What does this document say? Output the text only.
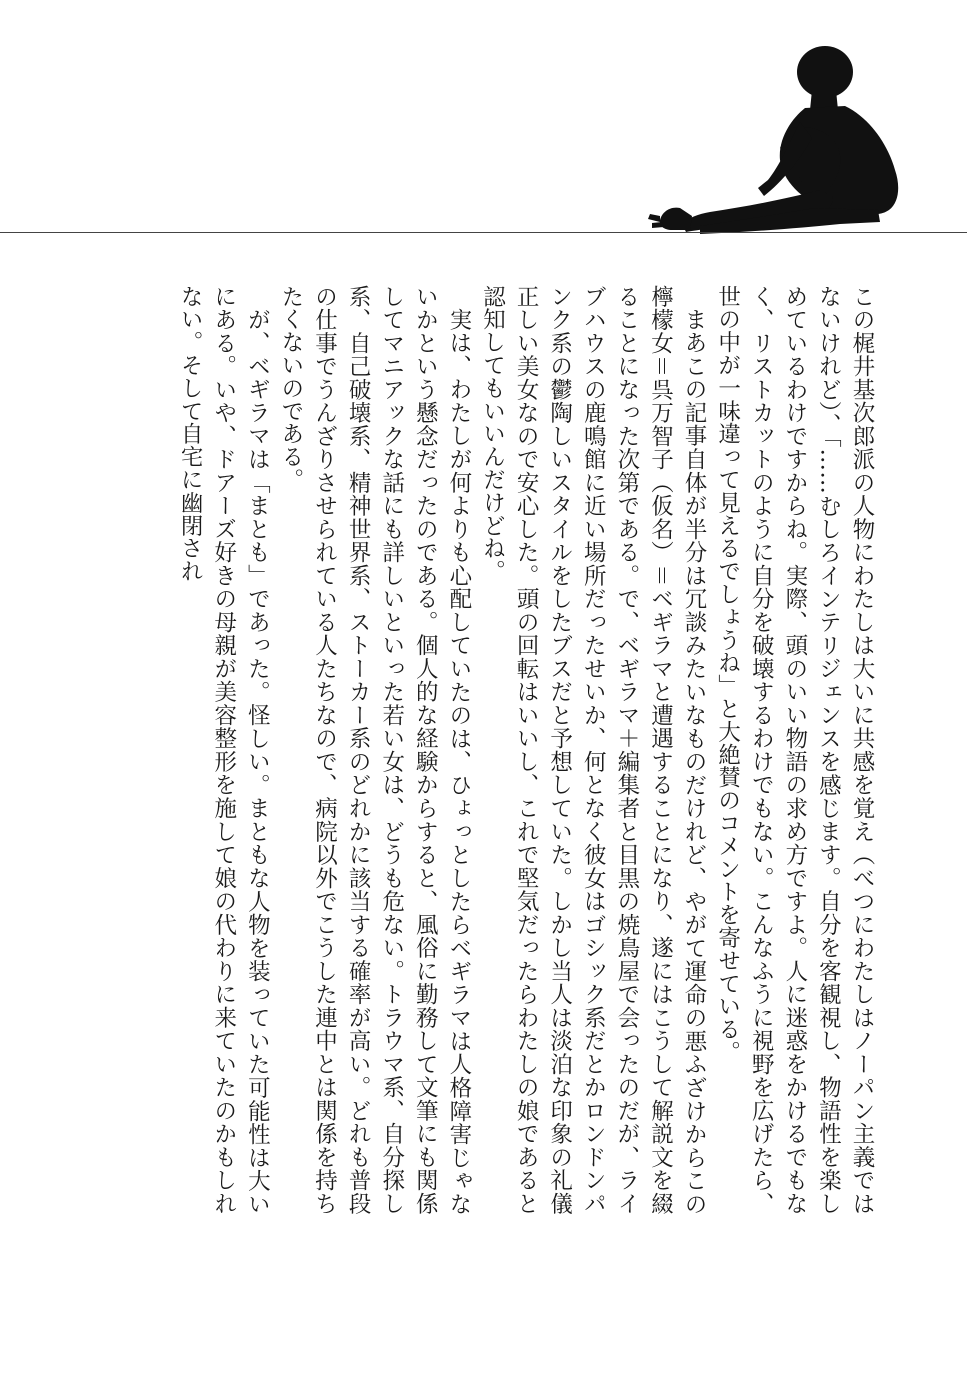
この梶井基次郎派の人物にわたしは大いに共感を覚え（べつにわたしはノーパン主義ではないけれど）、「……むしろインテリジェンスを感じます。自分を客観視し、物語性を楽しめているわけですからね。実際、頭のいい物語の求め方ですよ。人に迷惑をかけるでもなく、リストカットのように自分を破壊するわけでもない。こんなふうに視野を広げたら、世の中が一味違って見えるでしょうね」と大絶賛のコメントを寄せている。

まあこの記事自体が半分は冗談みたいなものだけれど、やがて運命の悪ふざけからこの檸檬女＝呉万智子（仮名）＝ベギラマと遭遇することになり、遂にはこうして解説文を綴ることになった次第である。で、ベギラマ＋編集者と目黒の焼鳥屋で会ったのだが、ライブハウスの鹿鳴館に近い場所だったせいか、何となく彼女はゴシック系だとかロンドンパンク系の鬱陶しいスタイルをしたブスだと予想していた。しかし当人は淡泊な印象の礼儀正しい美女なので安心した。頭の回転はいいし、これで堅気だったらわたしの娘であると認知してもいいんだけどね。

実は、わたしが何よりも心配していたのは、ひょっとしたらベギラマは人格障害じゃないかという懸念だったのである。個人的な経験からすると、風俗に勤務して文筆にも関係してマニアックな話にも詳しいといった若い女は、どうも危ない。トラウマ系、自分探し系、自己破壊系、精神世界系、ストーカー系のどれかに該当する確率が高い。どれも普段の仕事でうんざりさせられている人たちなので、病院以外でこうした連中とは関係を持ちたくないのである。

が、ベギラマは「まとも」であった。怪しい。まともな人物を装っていた可能性は大いにある。いや、ドアーズ好きの母親が美容整形を施して娘の代わりに来ていたのかもしれない。そして自宅に幽閉され
